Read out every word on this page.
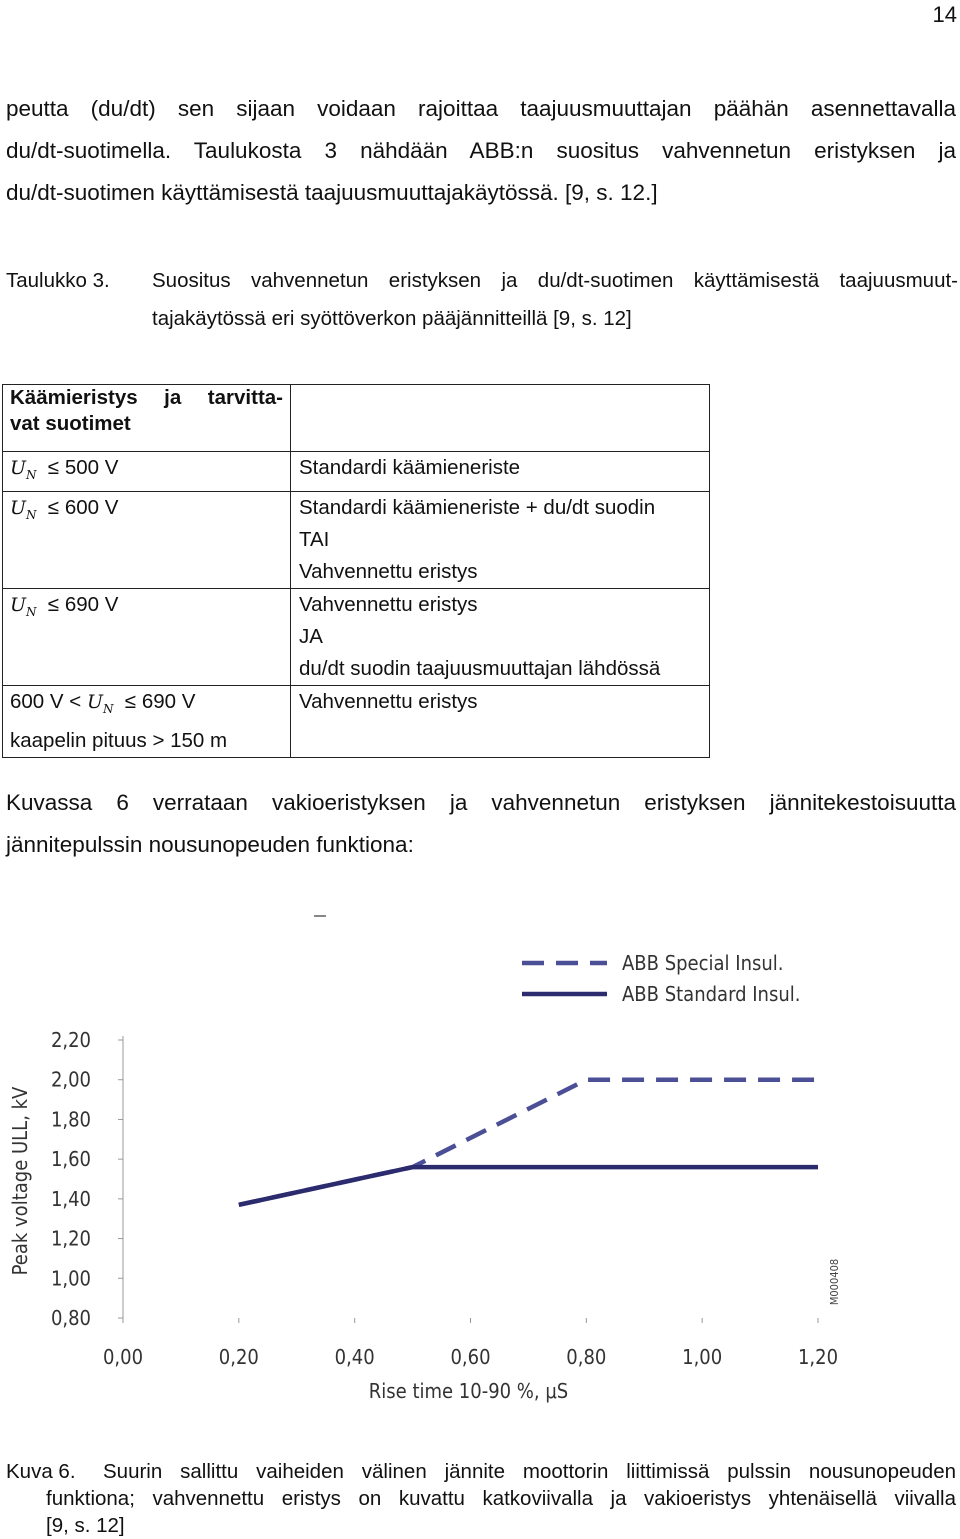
14
peutta (du/dt) sen sijaan voidaan rajoittaa taajuusmuuttajan päähän asennettavalla
du/dt-suotimella. Taulukosta 3 nähdään ABB:n suositus vahvennetun eristyksen ja
du/dt-suotimen käyttämisestä taajuusmuuttajakäytössä. [9, s. 12.]
Taulukko 3. Suositus vahvennetun eristyksen ja du/dt-suotimen käyttämisestä taajuusmuut-
tajakäytössä eri syöttöverkon pääjännitteillä [9, s. 12]
Käämieristys ja tarvitta-
vat suotimet	

$U_N \le 500$ V	Standardi käämieneriste

$U_N \le 600$ V	Standardi käämieneriste + du/dt suodin
TAI
Vahvennettu eristys

$U_N \le 690$ V	Vahvennettu eristys
JA
du/dt suodin taajuusmuuttajan lähdössä

600 $V < U_N \le 690$ V
kaapelin pituus > 150 m	Vahvennettu eristys
Kuvassa 6 verrataan vakioeristyksen ja vahvennetun eristyksen jännitekestoisuutta
jännitepulssin nousunopeuden funktiona:
ABB Special Insul.
ABB Standard Insul.
2,20
2,00
1,80
1,60
1,40
1,20
1,00
0,80
0,00	0,20	0,40	0,60	0,80	1,00	1,20
Rise time 10-90 %, μS
Peak voltage ULL, kV
M000408
Kuva 6. Suurin sallittu vaiheiden välinen jännite moottorin liittimissä pulssin nousunopeuden
funktiona; vahvennettu eristys on kuvattu katkoviivalla ja vakioeristys yhtenäisellä viivalla
[9, s. 12]
